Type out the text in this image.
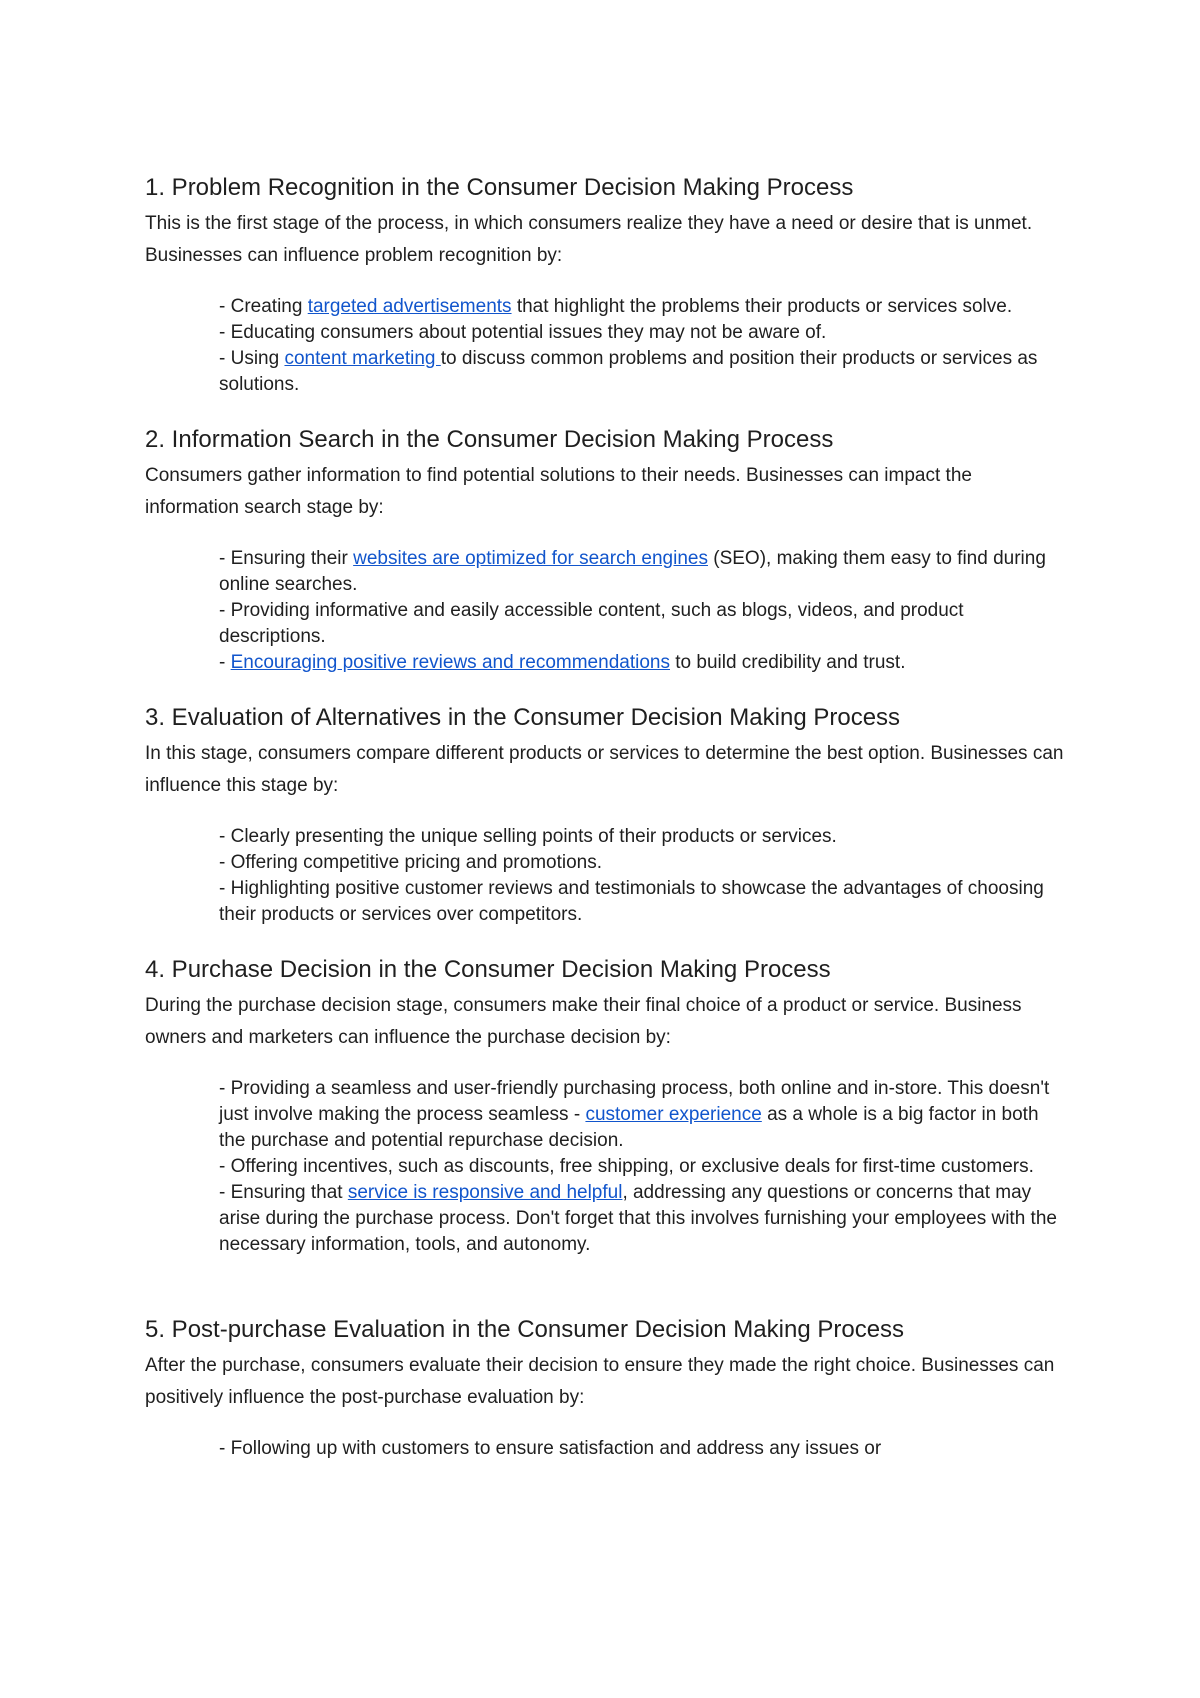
1. Problem Recognition in the Consumer Decision Making Process

This is the first stage of the process, in which consumers realize they have a need or desire that is unmet. Businesses can influence problem recognition by:

- Creating targeted advertisements that highlight the problems their products or services solve.
- Educating consumers about potential issues they may not be aware of.
- Using content marketing to discuss common problems and position their products or services as solutions.
2. Information Search in the Consumer Decision Making Process

Consumers gather information to find potential solutions to their needs. Businesses can impact the information search stage by:

- Ensuring their websites are optimized for search engines (SEO), making them easy to find during online searches.
- Providing informative and easily accessible content, such as blogs, videos, and product descriptions.
- Encouraging positive reviews and recommendations to build credibility and trust.
3. Evaluation of Alternatives in the Consumer Decision Making Process

In this stage, consumers compare different products or services to determine the best option. Businesses can influence this stage by:

- Clearly presenting the unique selling points of their products or services.
- Offering competitive pricing and promotions.
- Highlighting positive customer reviews and testimonials to showcase the advantages of choosing their products or services over competitors.
4. Purchase Decision in the Consumer Decision Making Process

During the purchase decision stage, consumers make their final choice of a product or service. Business owners and marketers can influence the purchase decision by:

- Providing a seamless and user-friendly purchasing process, both online and in-store. This doesn't just involve making the process seamless - customer experience as a whole is a big factor in both the purchase and potential repurchase decision.
- Offering incentives, such as discounts, free shipping, or exclusive deals for first-time customers.
- Ensuring that service is responsive and helpful, addressing any questions or concerns that may arise during the purchase process. Don't forget that this involves furnishing your employees with the necessary information, tools, and autonomy.
5. Post-purchase Evaluation in the Consumer Decision Making Process

After the purchase, consumers evaluate their decision to ensure they made the right choice. Businesses can positively influence the post-purchase evaluation by:

- Following up with customers to ensure satisfaction and address any issues or
